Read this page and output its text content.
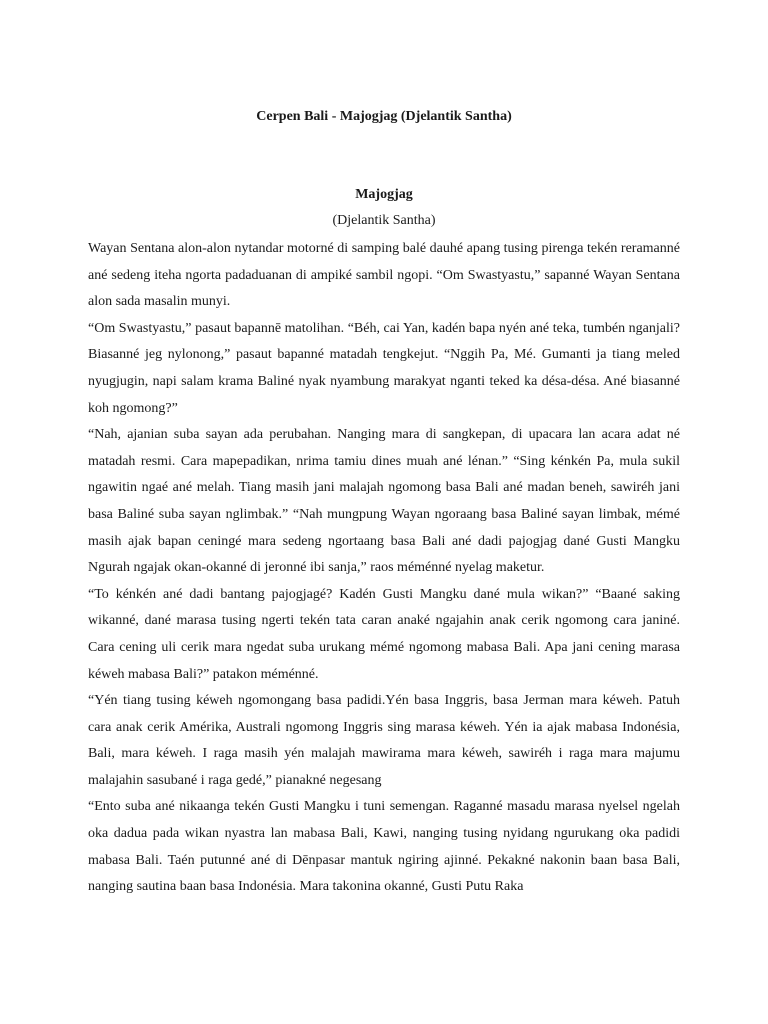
Cerpen Bali - Majogjag (Djelantik Santha)

Majogjag

(Djelantik Santha)

Wayan Sentana alon-alon nytandar motorné di samping balé dauhé apang tusing pirenga tekén reramanné ané sedeng iteha ngorta padaduanan di ampiké sambil ngopi. “Om Swastyastu,” sapanné Wayan Sentana alon sada masalin munyi.

“Om Swastyastu,” pasaut bapannē matolihan. “Béh, cai Yan, kadén bapa nyén ané teka, tumbén nganjali? Biasanné jeg nylonong,” pasaut bapanné matadah tengkejut. “Nggih Pa, Mé. Gumanti ja tiang meled nyugjugin, napi salam krama Baliné nyak nyambung marakyat nganti teked ka désa-désa. Ané biasanné koh ngomong?”

“Nah, ajanian suba sayan ada perubahan. Nanging mara di sangkepan, di upacara lan acara adat né matadah resmi. Cara mapepadikan, nrima tamiu dines muah ané lénan.” “Sing kénkén Pa, mula sukil ngawitin ngaé ané melah. Tiang masih jani malajah ngomong basa Bali ané madan beneh, sawiréh jani basa Baliné suba sayan nglimbak.” “Nah mungpung Wayan ngoraang basa Baliné sayan limbak, mémé masih ajak bapan ceningé mara sedeng ngortaang basa Bali ané dadi pajogjag dané Gusti Mangku Ngurah ngajak okan-okanné di jeronné ibi sanja,” raos méménné nyelag maketur.

“To kénkén ané dadi bantang pajogjagé? Kadén Gusti Mangku dané mula wikan?” “Baané saking wikanné, dané marasa tusing ngerti tekén tata caran anaké ngajahin anak cerik ngomong cara janiné. Cara cening uli cerik mara ngedat suba urukang mémé ngomong mabasa Bali. Apa jani cening marasa kéweh mabasa Bali?” patakon méménné.

“Yén tiang tusing kéweh ngomongang basa padidi.Yén basa Inggris, basa Jerman mara kéweh. Patuh cara anak cerik Amérika, Australi ngomong Inggris sing marasa kéweh. Yén ia ajak mabasa Indonésia, Bali, mara kéweh. I raga masih yén malajah mawirama mara kéweh, sawiréh i raga mara majumu malajahin sasubané i raga gedé,” pianakné negesang

“Ento suba ané nikaanga tekén Gusti Mangku i tuni semengan. Raganné masadu marasa nyelsel ngelah oka dadua pada wikan nyastra lan mabasa Bali, Kawi, nanging tusing nyidang ngurukang oka padidi mabasa Bali. Taén putunné ané di Dēnpasar mantuk ngiring ajinné. Pekakné nakonin baan basa Bali, nanging sautina baan basa Indonésia. Mara takonina okanné, Gusti Putu Raka
